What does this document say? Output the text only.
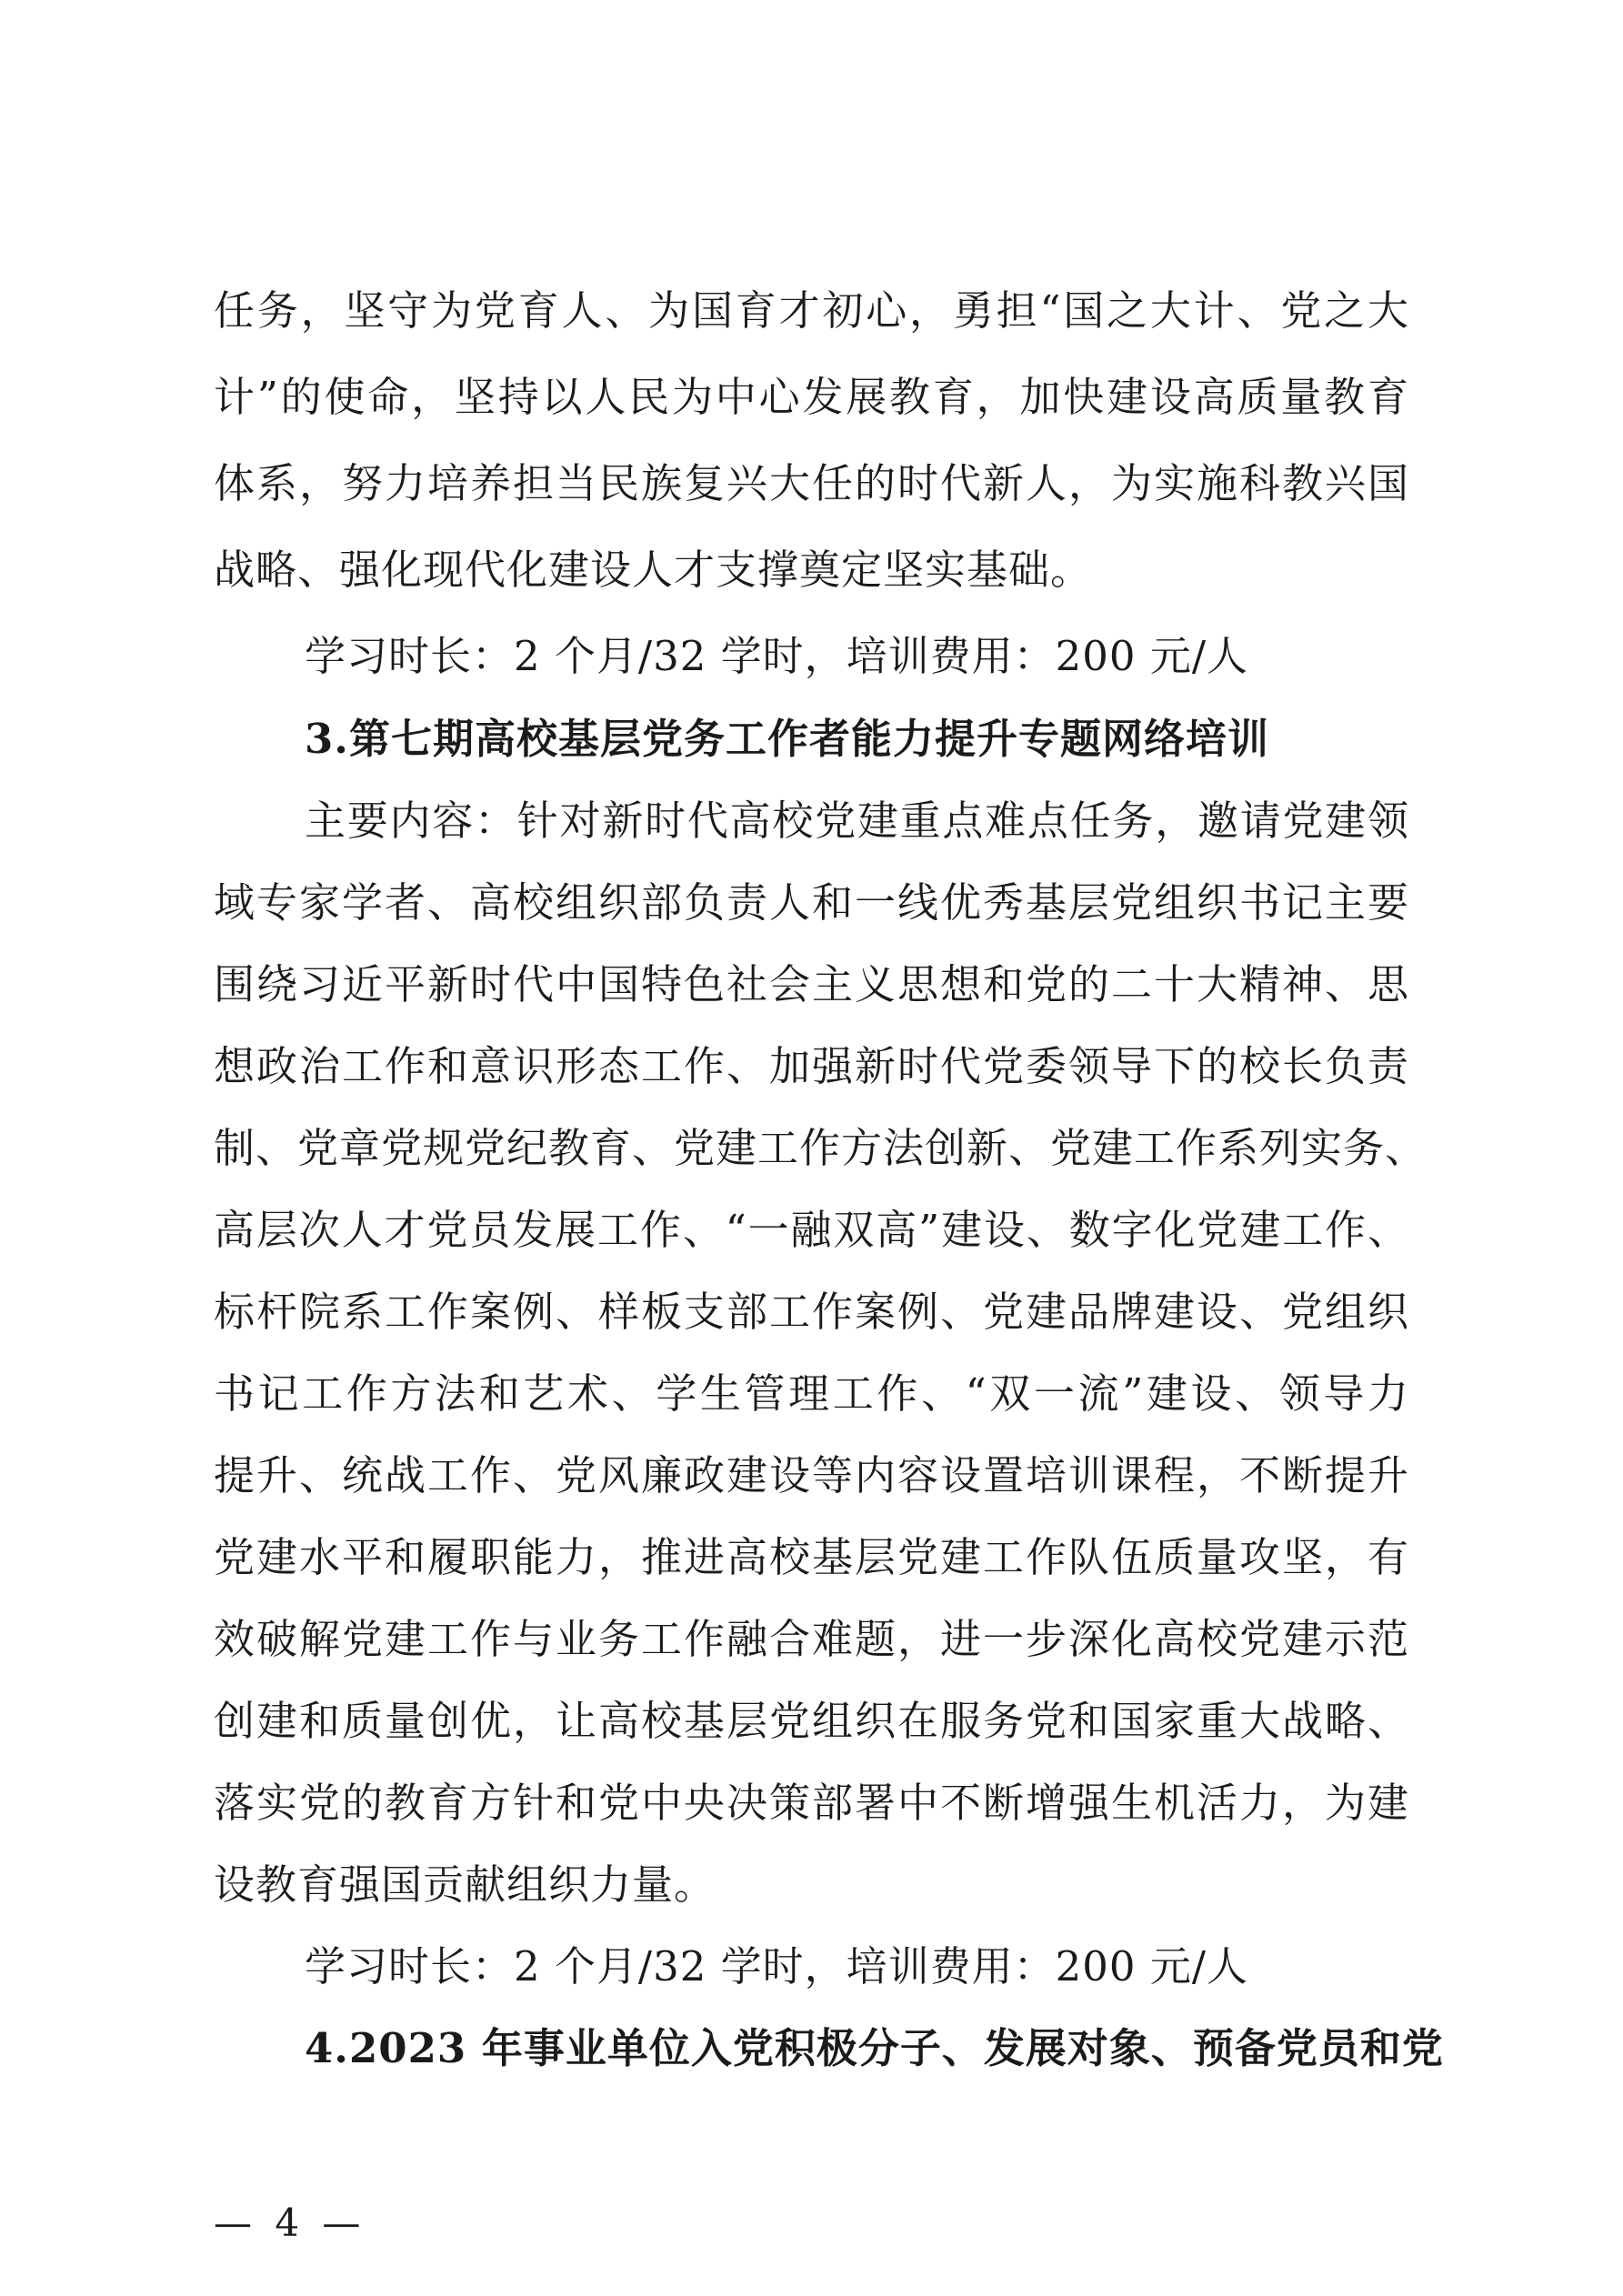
任务，坚守为党育人、为国育才初心，勇担“国之大计、党之大
计”的使命，坚持以人民为中心发展教育，加快建设高质量教育
体系，努力培养担当民族复兴大任的时代新人，为实施科教兴国
战略、强化现代化建设人才支撑奠定坚实基础。
学习时长：2 个月/32 学时，培训费用：200 元/人
3.第七期高校基层党务工作者能力提升专题网络培训
主要内容：针对新时代高校党建重点难点任务，邀请党建领
域专家学者、高校组织部负责人和一线优秀基层党组织书记主要
围绕习近平新时代中国特色社会主义思想和党的二十大精神、思
想政治工作和意识形态工作、加强新时代党委领导下的校长负责
制、党章党规党纪教育、党建工作方法创新、党建工作系列实务、
高层次人才党员发展工作、“一融双高”建设、数字化党建工作、
标杆院系工作案例、样板支部工作案例、党建品牌建设、党组织
书记工作方法和艺术、学生管理工作、“双一流”建设、领导力
提升、统战工作、党风廉政建设等内容设置培训课程，不断提升
党建水平和履职能力，推进高校基层党建工作队伍质量攻坚，有
效破解党建工作与业务工作融合难题，进一步深化高校党建示范
创建和质量创优，让高校基层党组织在服务党和国家重大战略、
落实党的教育方针和党中央决策部署中不断增强生机活力，为建
设教育强国贡献组织力量。
学习时长：2 个月/32 学时，培训费用：200 元/人
4.2023 年事业单位入党积极分子、发展对象、预备党员和党
— 4 —
